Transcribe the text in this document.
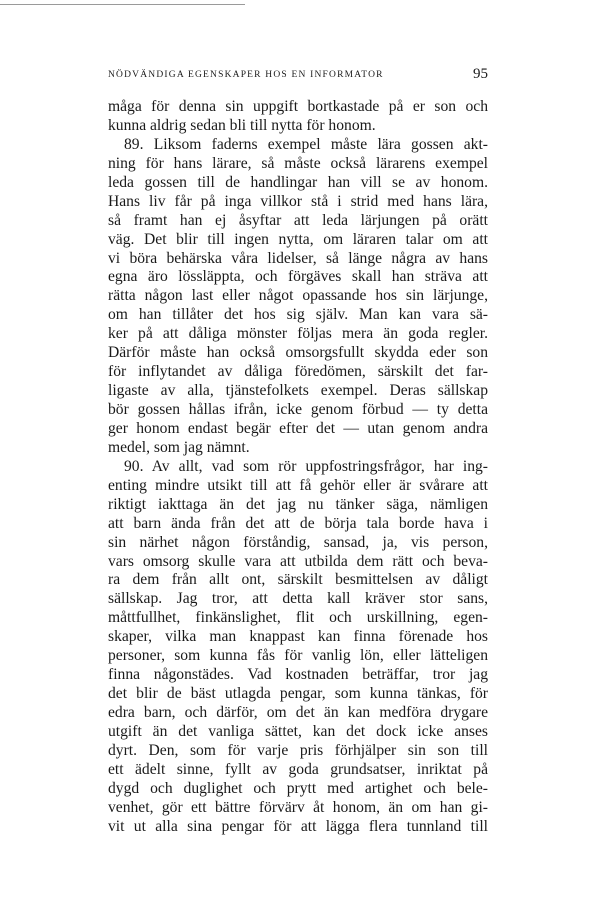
NÖDVÄNDIGA EGENSKAPER HOS EN INFORMATOR	95
måga för denna sin uppgift bortkastade på er son och
kunna aldrig sedan bli till nytta för honom.
89. Liksom faderns exempel måste lära gossen akt-
ning för hans lärare, så måste också lärarens exempel
leda gossen till de handlingar han vill se av honom.
Hans liv får på inga villkor stå i strid med hans lära,
så framt han ej åsyftar att leda lärjungen på orätt
väg. Det blir till ingen nytta, om läraren talar om att
vi böra behärska våra lidelser, så länge några av hans
egna äro lössläppta, och förgäves skall han sträva att
rätta någon last eller något opassande hos sin lärjunge,
om han tillåter det hos sig själv. Man kan vara sä-
ker på att dåliga mönster följas mera än goda regler.
Därför måste han också omsorgsfullt skydda eder son
för inflytandet av dåliga föredömen, särskilt det far-
ligaste av alla, tjänstefolkets exempel. Deras sällskap
bör gossen hållas ifrån, icke genom förbud — ty detta
ger honom endast begär efter det — utan genom andra
medel, som jag nämnt.
90. Av allt, vad som rör uppfostringsfrågor, har ing-
enting mindre utsikt till att få gehör eller är svårare att
riktigt iakttaga än det jag nu tänker säga, nämligen
att barn ända från det att de börja tala borde hava i
sin närhet någon förståndig, sansad, ja, vis person,
vars omsorg skulle vara att utbilda dem rätt och beva-
ra dem från allt ont, särskilt besmittelsen av dåligt
sällskap. Jag tror, att detta kall kräver stor sans,
måttfullhet, finkänslighet, flit och urskillning, egen-
skaper, vilka man knappast kan finna förenade hos
personer, som kunna fås för vanlig lön, eller lätteligen
finna någonstädes. Vad kostnaden beträffar, tror jag
det blir de bäst utlagda pengar, som kunna tänkas, för
edra barn, och därför, om det än kan medföra drygare
utgift än det vanliga sättet, kan det dock icke anses
dyrt. Den, som för varje pris förhjälper sin son till
ett ädelt sinne, fyllt av goda grundsatser, inriktat på
dygd och duglighet och prytt med artighet och bele-
venhet, gör ett bättre förvärv åt honom, än om han gi-
vit ut alla sina pengar för att lägga flera tunnland till
